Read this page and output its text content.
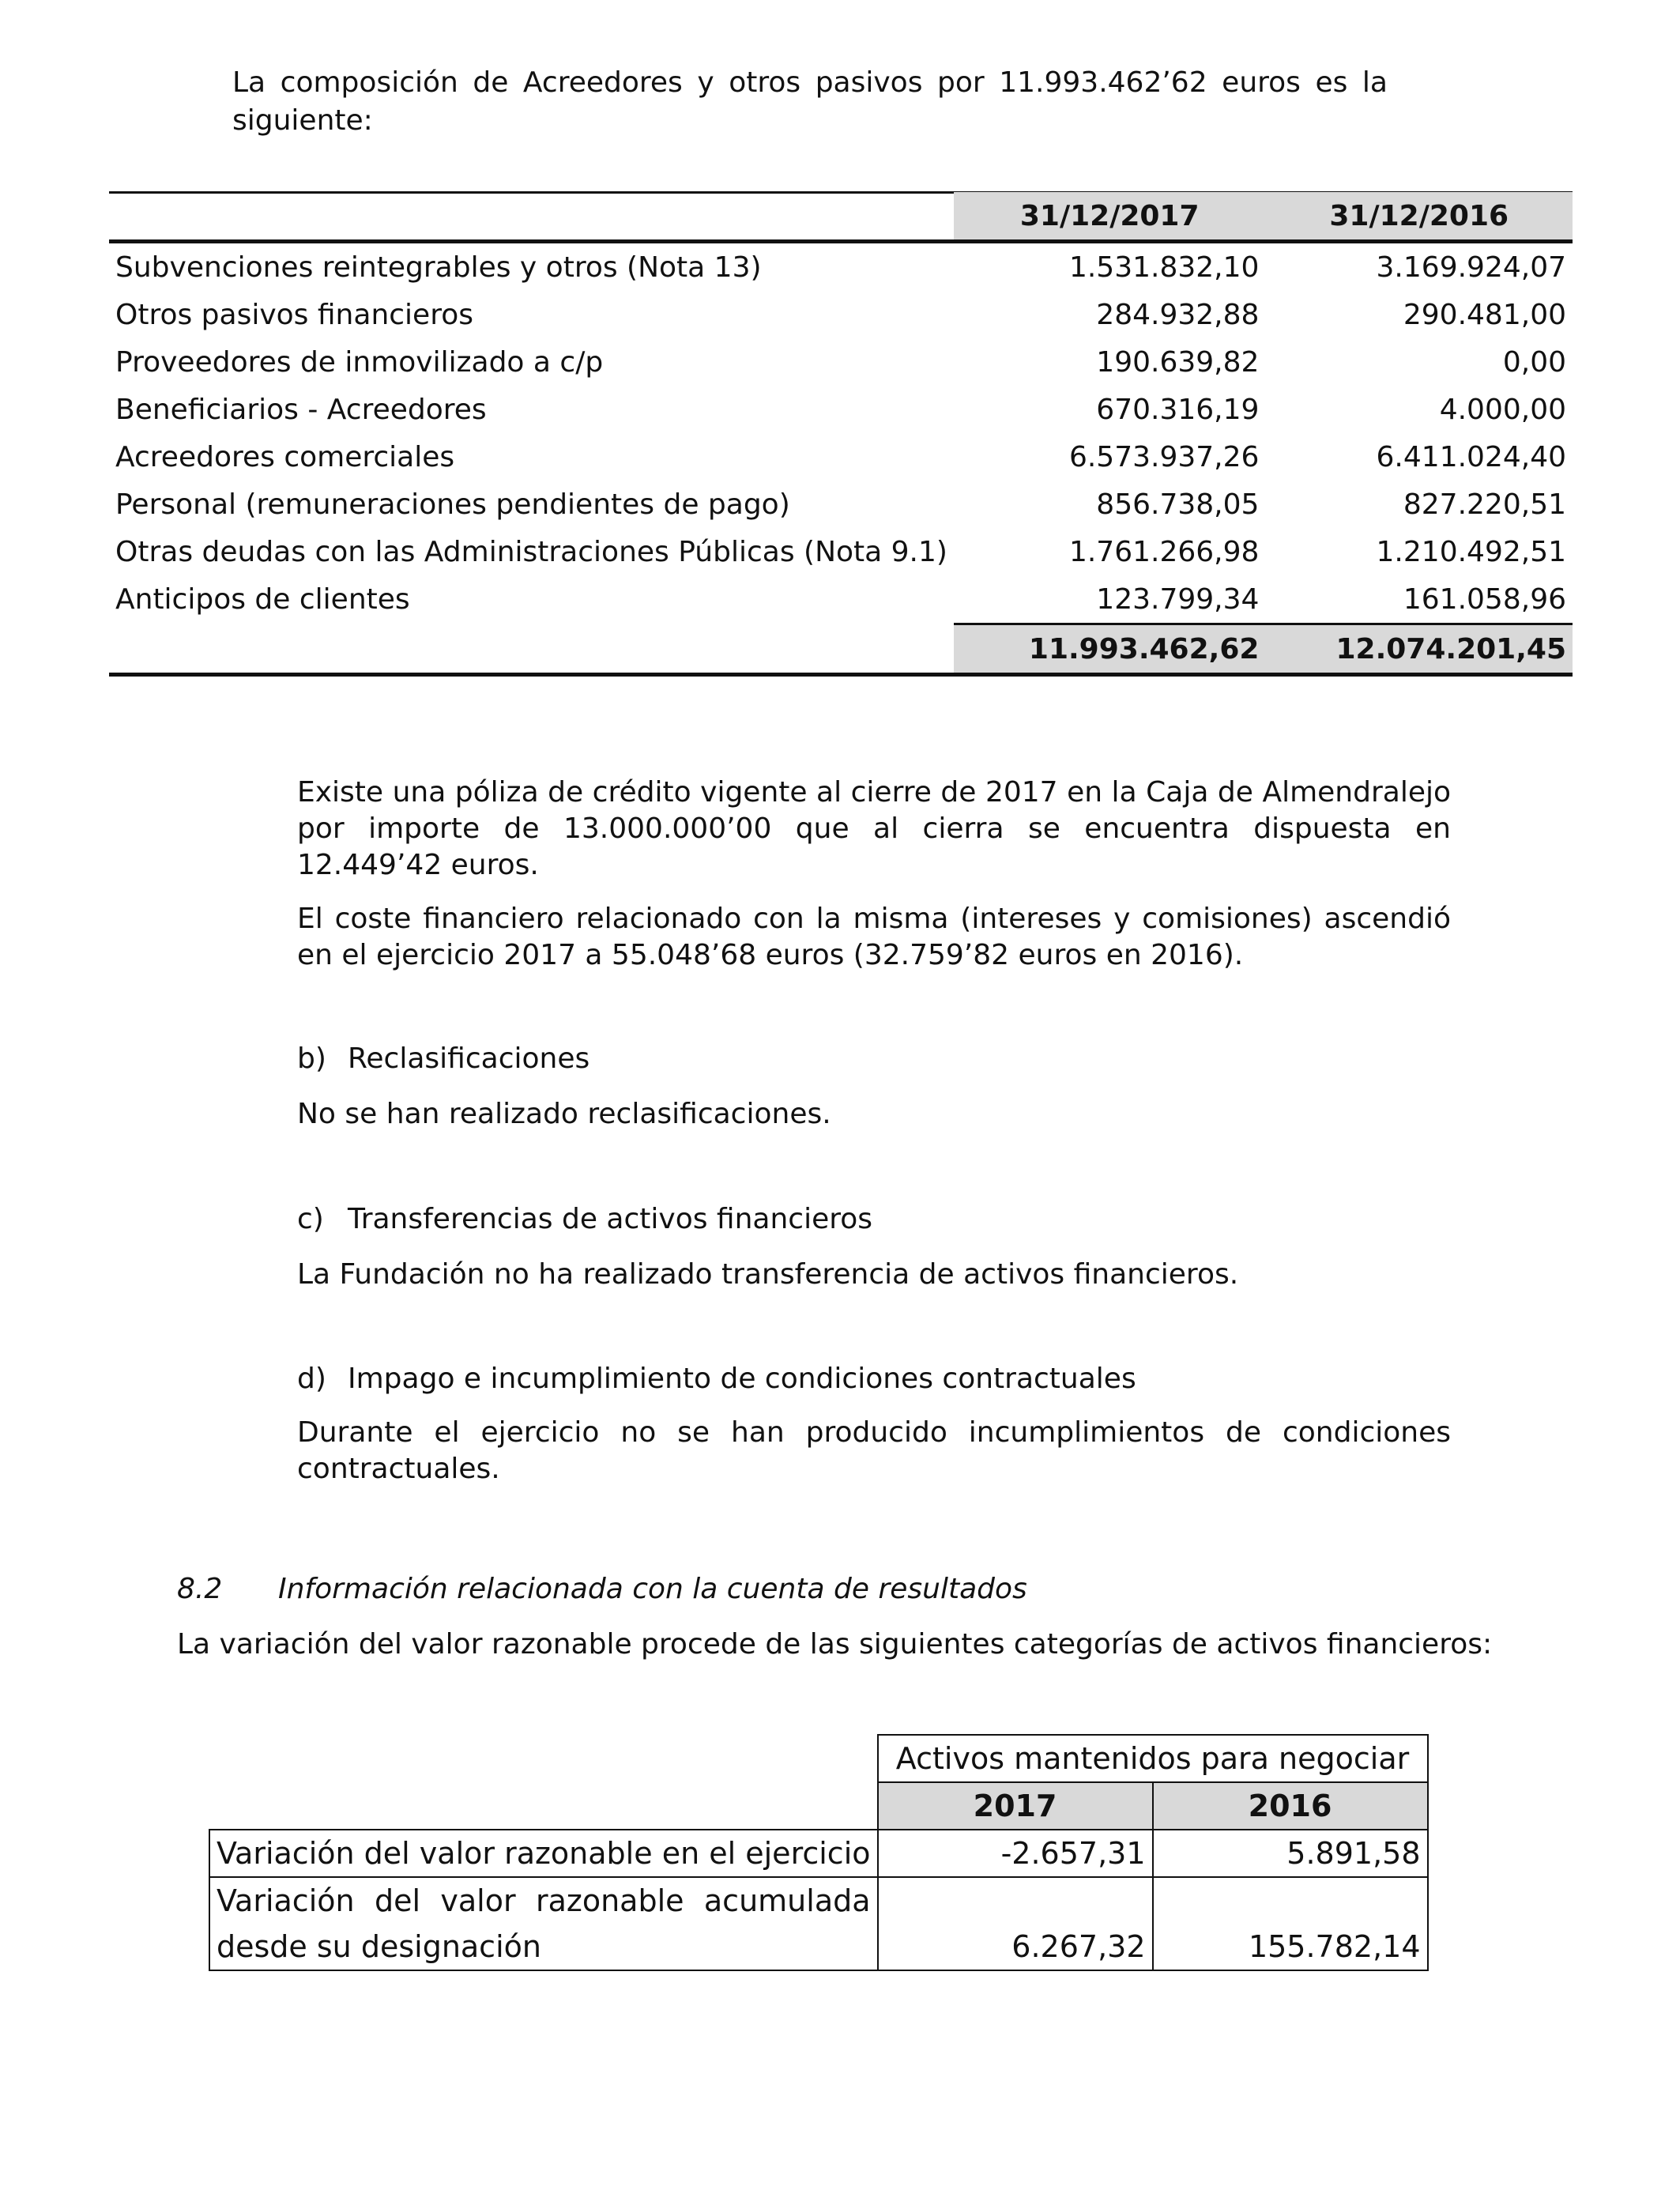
La composición de Acreedores y otros pasivos por 11.993.462’62 euros es la
siguiente:
	31/12/2017	31/12/2016
Subvenciones reintegrables y otros (Nota 13)	1.531.832,10	3.169.924,07
Otros pasivos financieros	284.932,88	290.481,00
Proveedores de inmovilizado a c/p	190.639,82	0,00
Beneficiarios - Acreedores	670.316,19	4.000,00
Acreedores comerciales	6.573.937,26	6.411.024,40
Personal (remuneraciones pendientes de pago)	856.738,05	827.220,51
Otras deudas con las Administraciones Públicas (Nota 9.1)	1.761.266,98	1.210.492,51
Anticipos de clientes	123.799,34	161.058,96
	11.993.462,62	12.074.201,45
Existe una póliza de crédito vigente al cierre de 2017 en la Caja de Almendralejo por importe de 13.000.000’00 que al cierra se encuentra dispuesta en 12.449’42 euros.
El coste financiero relacionado con la misma (intereses y comisiones) ascendió en el ejercicio 2017 a 55.048’68 euros (32.759’82 euros en 2016).
b) Reclasificaciones
No se han realizado reclasificaciones.
c) Transferencias de activos financieros
La Fundación no ha realizado transferencia de activos financieros.
d) Impago e incumplimiento de condiciones contractuales
Durante el ejercicio no se han producido incumplimientos de condiciones contractuales.
8.2 Información relacionada con la cuenta de resultados
La variación del valor razonable procede de las siguientes categorías de activos financieros:
	Activos mantenidos para negociar	
	2017	2016
Variación del valor razonable en el ejercicio	-2.657,31	5.891,58

Variación del valor razonable acumulada
desde su designación	6.267,32	155.782,14
